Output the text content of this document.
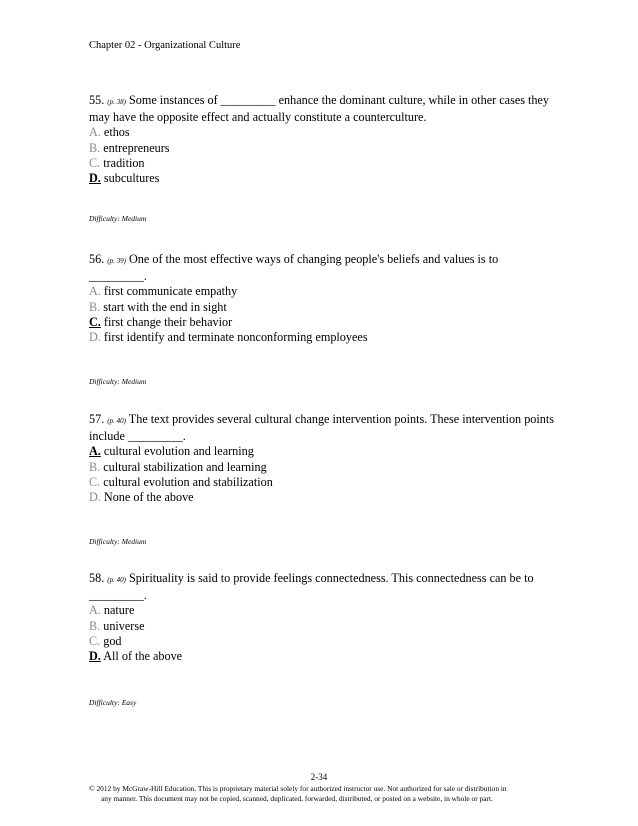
Chapter 02 - Organizational Culture
55. (p. 38) Some instances of _________ enhance the dominant culture, while in other cases they may have the opposite effect and actually constitute a counterculture.
A. ethos
B. entrepreneurs
C. tradition
D. subcultures
Difficulty: Medium
56. (p. 39) One of the most effective ways of changing people's beliefs and values is to _________.
A. first communicate empathy
B. start with the end in sight
C. first change their behavior
D. first identify and terminate nonconforming employees
Difficulty: Medium
57. (p. 40) The text provides several cultural change intervention points. These intervention points include _________.
A. cultural evolution and learning
B. cultural stabilization and learning
C. cultural evolution and stabilization
D. None of the above
Difficulty: Medium
58. (p. 40) Spirituality is said to provide feelings connectedness. This connectedness can be to _________.
A. nature
B. universe
C. god
D. All of the above
Difficulty: Easy
2-34
© 2012 by McGraw-Hill Education. This is proprietary material solely for authorized instructor use. Not authorized for sale or distribution in
any manner. This document may not be copied, scanned, duplicated, forwarded, distributed, or posted on a website, in whole or part.
